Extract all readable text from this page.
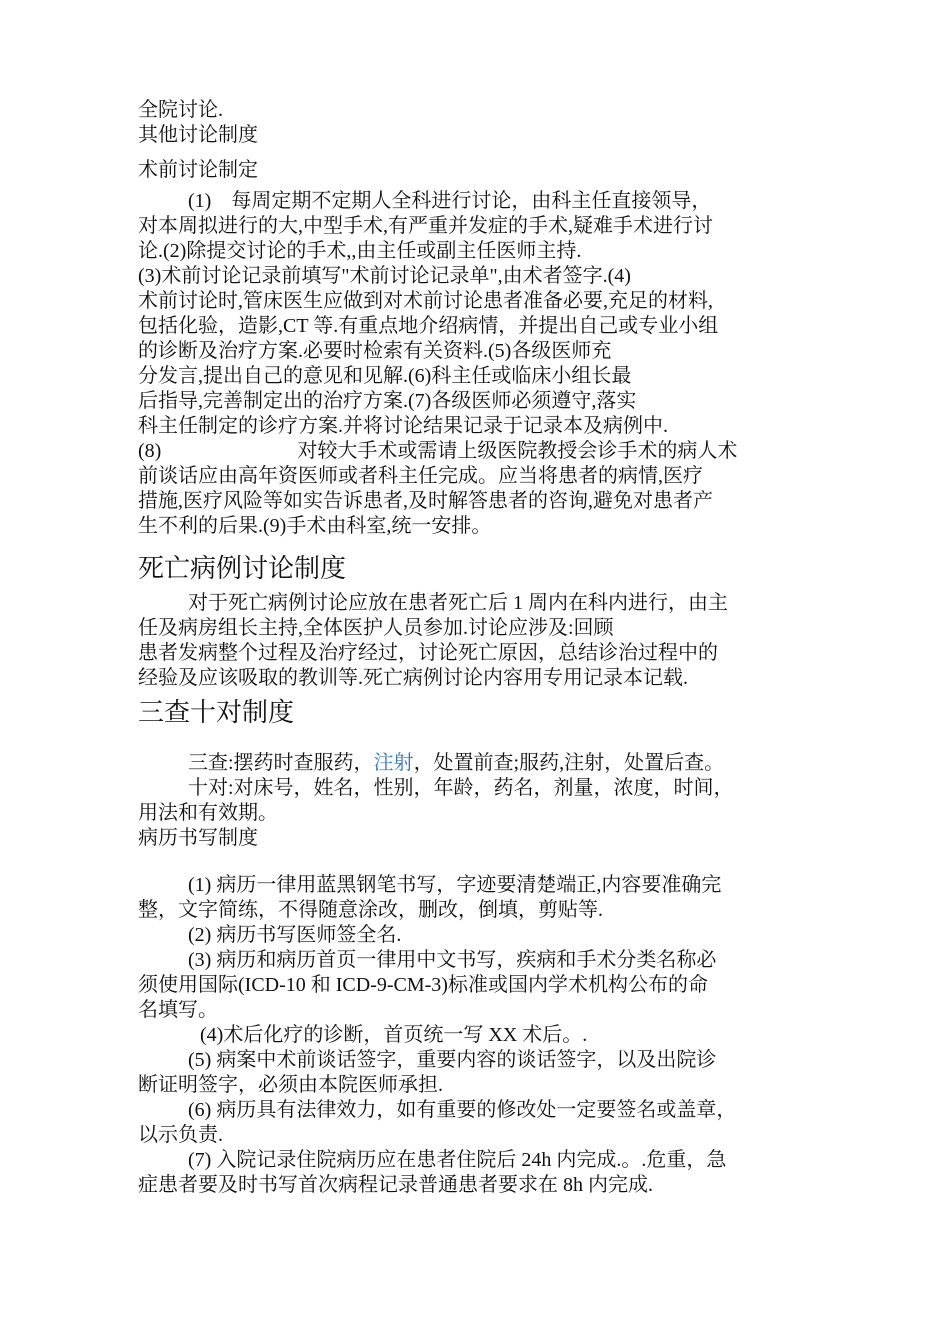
全院讨论.
其他讨论制度
术前讨论制定
(1)    每周定期不定期人全科进行讨论，由科主任直接领导，
对本周拟进行的大,中型手术,有严重并发症的手术,疑难手术进行讨
论.(2)除提交讨论的手术,,由主任或副主任医师主持.
(3)术前讨论记录前填写"术前讨论记录单",由术者签字.(4)
术前讨论时,管床医生应做到对术前讨论患者准备必要,充足的材料,
包括化验，造影,CT 等.有重点地介绍病情，并提出自己或专业小组
的诊断及治疗方案.必要时检索有关资料.(5)各级医师充
分发言,提出自己的意见和见解.(6)科主任或临床小组长最
后指导,完善制定出的治疗方案.(7)各级医师必须遵守,落实
科主任制定的诊疗方案.并将讨论结果记录于记录本及病例中.
(8)	对较大手术或需请上级医院教授会诊手术的病人术
前谈话应由高年资医师或者科主任完成。应当将患者的病情,医疗
措施,医疗风险等如实告诉患者,及时解答患者的咨询,避免对患者产
生不利的后果.(9)手术由科室,统一安排。
死亡病例讨论制度
对于死亡病例讨论应放在患者死亡后 1 周内在科内进行，由主
任及病房组长主持,全体医护人员参加.讨论应涉及:回顾
患者发病整个过程及治疗经过，讨论死亡原因，总结诊治过程中的
经验及应该吸取的教训等.死亡病例讨论内容用专用记录本记载.
三查十对制度
三查:摆药时查服药，注射，处置前查;服药,注射，处置后查。
十对:对床号，姓名，性别，年龄，药名，剂量，浓度，时间，
用法和有效期。
病历书写制度
(1) 病历一律用蓝黑钢笔书写，字迹要清楚端正,内容要准确完
整，文字简练，不得随意涂改，删改，倒填，剪贴等.
(2) 病历书写医师签全名.
(3) 病历和病历首页一律用中文书写，疾病和手术分类名称必
须使用国际(ICD-10 和 ICD-9-CM-3)标准或国内学术机构公布的命
名填写。
(4)术后化疗的诊断，首页统一写 XX 术后。.
(5) 病案中术前谈话签字，重要内容的谈话签字，以及出院诊
断证明签字，必须由本院医师承担.
(6) 病历具有法律效力，如有重要的修改处一定要签名或盖章，
以示负责.
(7) 入院记录住院病历应在患者住院后 24h 内完成.。.危重，急
症患者要及时书写首次病程记录普通患者要求在 8h 内完成.
